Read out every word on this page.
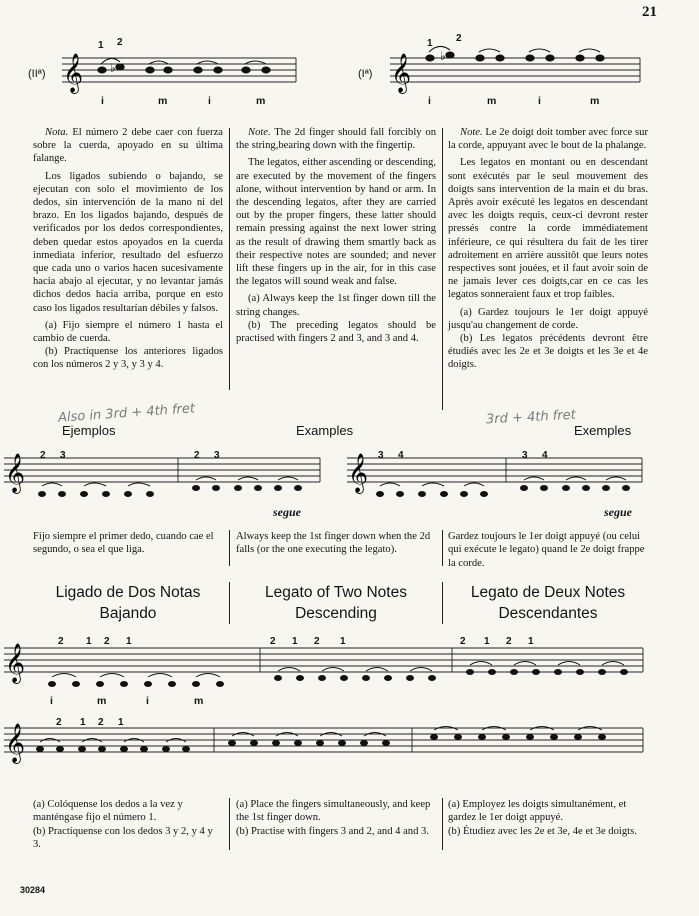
21
(IIª)	(Iª)
𝄞	𝄞
♭
♭
1 2	1 2
i	m	i	m	i	m	i	m

Nota. El número 2 debe caer con fuerza sobre la cuerda, apoyado en su última falange.

Los ligados subiendo o bajando, se ejecutan con solo el movimiento de los dedos, sin intervención de la mano ni del brazo. En los ligados bajando, después de verificados por los dedos correspondientes, deben quedar estos apoyados en la cuerda inmediata inferior, resultado del esfuerzo que cada uno o varios hacen sucesivamente hacia abajo al ejecutar, y no levantar jamás dichos dedos hacia arriba, porque en esto caso los ligados resultarían débiles y falsos.

(a) Fijo siempre el número 1 hasta el cambio de cuerda.

(b) Practíquense los anteriores ligados con los números 2 y 3, y 3 y 4.

Note. The 2d finger should fall forcibly on the string,bearing down with the fingertip.

The legatos, either ascending or descending, are executed by the movement of the fingers alone, without intervention by hand or arm. In the descending legatos, after they are carried out by the proper fingers, these latter should remain pressing against the next lower string as the result of drawing them smartly back as their respective notes are sounded; and never lift these fingers up in the air, for in this case the legatos will sound weak and false.

(a) Always keep the 1st finger down till the string changes.

(b) The preceding legatos should be practised with fingers 2 and 3, and 3 and 4.

Note. Le 2e doigt doit tomber avec force sur la corde, appuyant avec le bout de la phalange.

Les legatos en montant ou en descendant sont exécutés par le seul mouvement des doigts sans intervention de la main et du bras. Après avoir exécuté les legatos en descendant avec les doigts requis, ceux-ci devront rester pressés contre la corde immédiatement inférieure, ce qui résultera du fait de les tirer adroitement en arrière aussitôt que leurs notes respectives sont jouées, et il faut avoir soin de ne jamais lever ces doigts,car en ce cas les legatos sonneraient faux et trop faibles.

(a) Gardez toujours le 1er doigt appuyé jusqu'au changement de corde.

(b) Les legatos précédents devront être étudiés avec les 2e et 3e doigts et les 3e et 4e doigts.

Ejemplos	Examples	Exemples
Also in 3rd + 4th fret	3rd + 4th fret
𝄞	𝄞
2 3	2 3	3 4	3 4
segue	segue
Fijo siempre el primer dedo, cuando cae el segundo, o sea el que liga.
Always keep the 1st finger down when the 2d falls (or the one executing the legato).
Gardez toujours le 1er doigt appuyé (ou celui qui exécute le legato) quand le 2e doigt frappe la corde.
Ligado de Dos Notas
Bajando
Legato of Two Notes
Descending
Legato de Deux Notes
Descendantes
𝄞
𝄞
2 1 2 1	2 1 2 1	2 1 2 1
i	m	i	m
2 1 2 1
(a) Colóquense los dedos a la vez y manténgase fijo el número 1.
(b) Practíquense con los dedos 3 y 2, y 4 y 3.
(a) Place the fingers simultaneously, and keep the 1st finger down.
(b) Practise with fingers 3 and 2, and 4 and 3.
(a) Employez les doigts simultanément, et gardez le 1er doigt appuyé.
(b) Étudiez avec les 2e et 3e, 4e et 3e doigts.
30284
